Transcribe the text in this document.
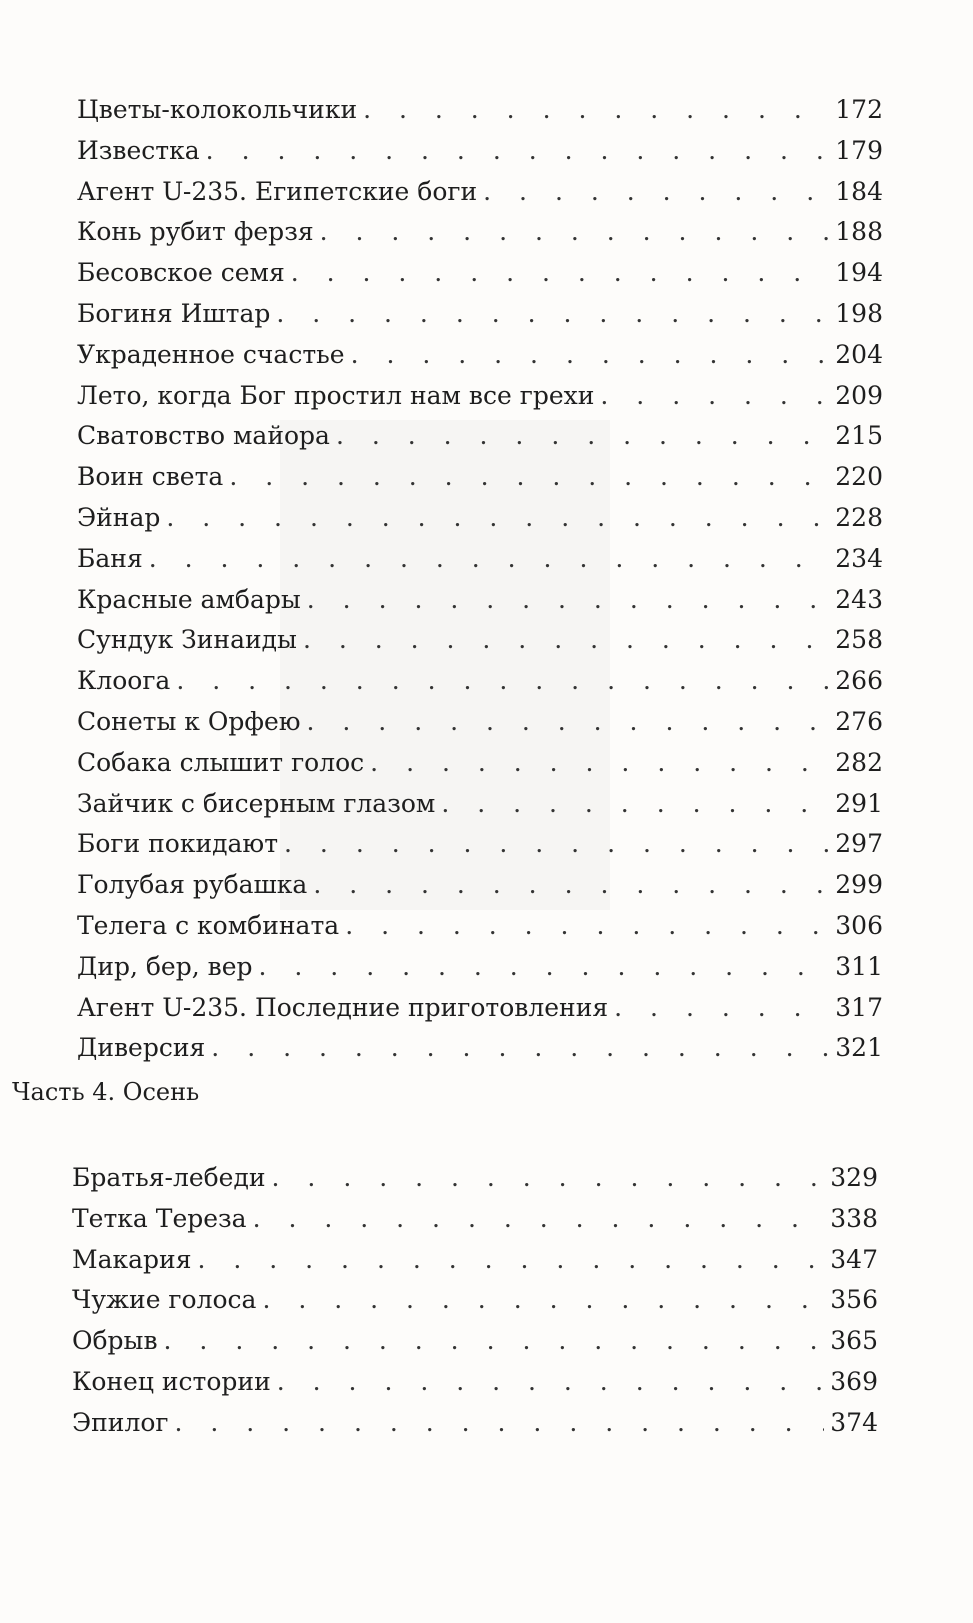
Цветы-колокольчики . . .	172
Известка . . .	179
Агент U-235. Египетские боги . . .	184
Конь рубит ферзя . . .	188
Бесовское семя . . .	194
Богиня Иштар . . .	198
Украденное счастье . . .	204
Лето, когда Бог простил нам все грехи . . .	209
Сватовство майора . . .	215
Воин света . . .	220
Эйнар . . .	228
Баня . . .	234
Красные амбары . . .	243
Сундук Зинаиды . . .	258
Клоога . . .	266
Сонеты к Орфею . . .	276
Собака слышит голос . . .	282
Зайчик с бисерным глазом . . .	291
Боги покидают . . .	297
Голубая рубашка . . .	299
Телега с комбината . . .	306
Дир, бер, вер . . .	311
Агент U-235. Последние приготовления . . .	317
Диверсия . . .	321
Часть 4. Осень
Братья-лебеди . . .	329
Тетка Тереза . . .	338
Макария . . .	347
Чужие голоса . . .	356
Обрыв . . .	365
Конец истории . . .	369
Эпилог . . .	374
